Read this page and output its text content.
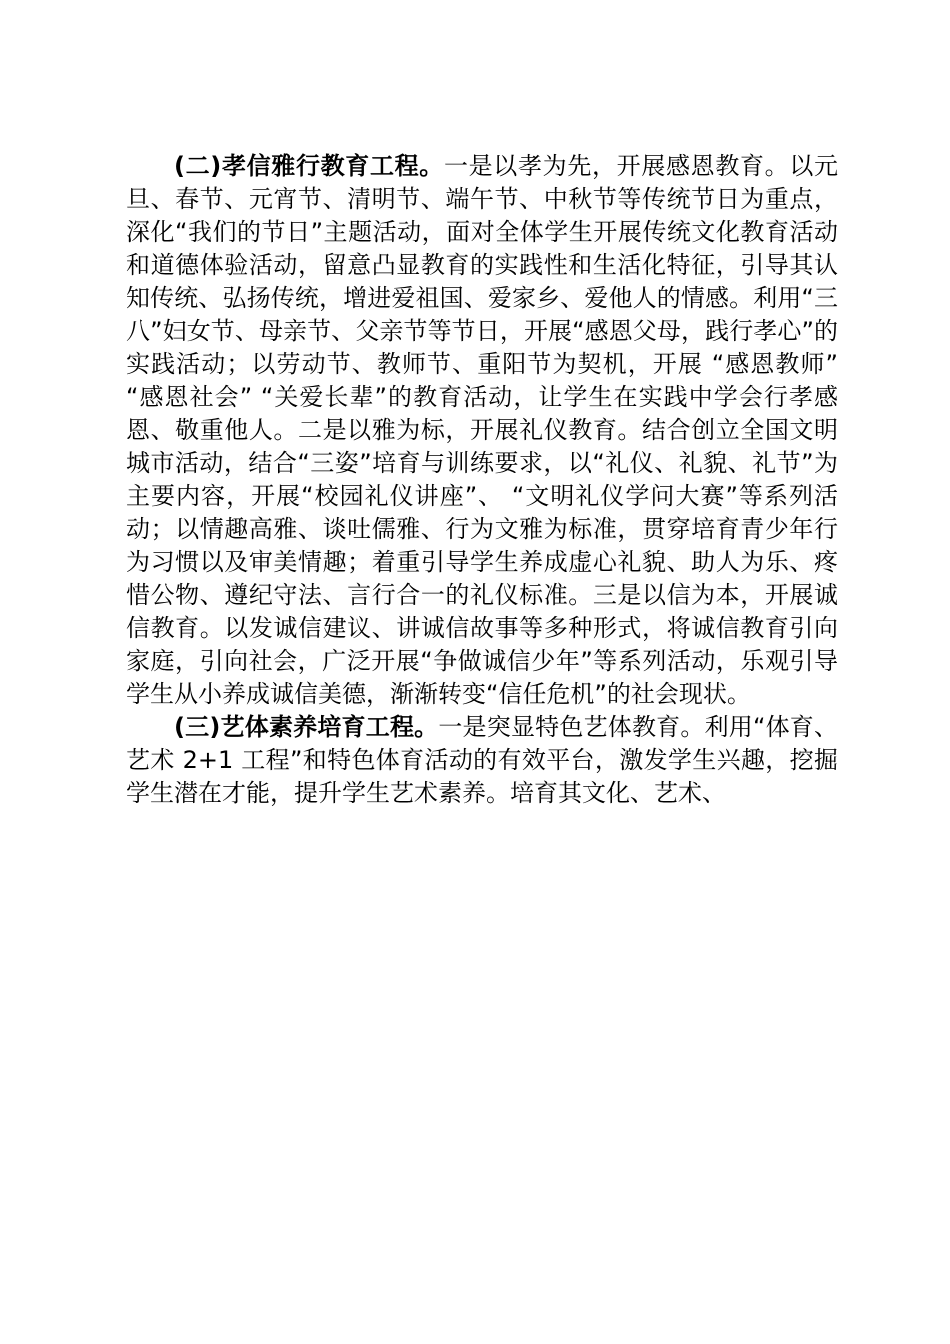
(二)孝信雅行教育工程。一是以孝为先，开展感恩教育。以元旦、春节、元宵节、清明节、端午节、中秋节等传统节日为重点，深化“我们的节日”主题活动，面对全体学生开展传统文化教育活动和道德体验活动，留意凸显教育的实践性和生活化特征，引导其认知传统、弘扬传统，增进爱祖国、爱家乡、爱他人的情感。利用“三八”妇女节、母亲节、父亲节等节日，开展“感恩父母，践行孝心”的实践活动；以劳动节、教师节、重阳节为契机，开展 “感恩教师” “感恩社会” “关爱长辈”的教育活动，让学生在实践中学会行孝感恩、敬重他人。二是以雅为标，开展礼仪教育。结合创立全国文明城市活动，结合“三姿”培育与训练要求，以“礼仪、礼貌、礼节”为主要内容，开展“校园礼仪讲座”、 “文明礼仪学问大赛”等系列活动；以情趣高雅、谈吐儒雅、行为文雅为标准，贯穿培育青少年行为习惯以及审美情趣；着重引导学生养成虚心礼貌、助人为乐、疼惜公物、遵纪守法、言行合一的礼仪标准。三是以信为本，开展诚信教育。以发诚信建议、讲诚信故事等多种形式，将诚信教育引向家庭，引向社会，广泛开展“争做诚信少年”等系列活动，乐观引导学生从小养成诚信美德，渐渐转变“信任危机”的社会现状。

(三)艺体素养培育工程。一是突显特色艺体教育。利用“体育、艺术 2+1 工程”和特色体育活动的有效平台，激发学生兴趣，挖掘学生潜在才能，提升学生艺术素养。培育其文化、艺术、
